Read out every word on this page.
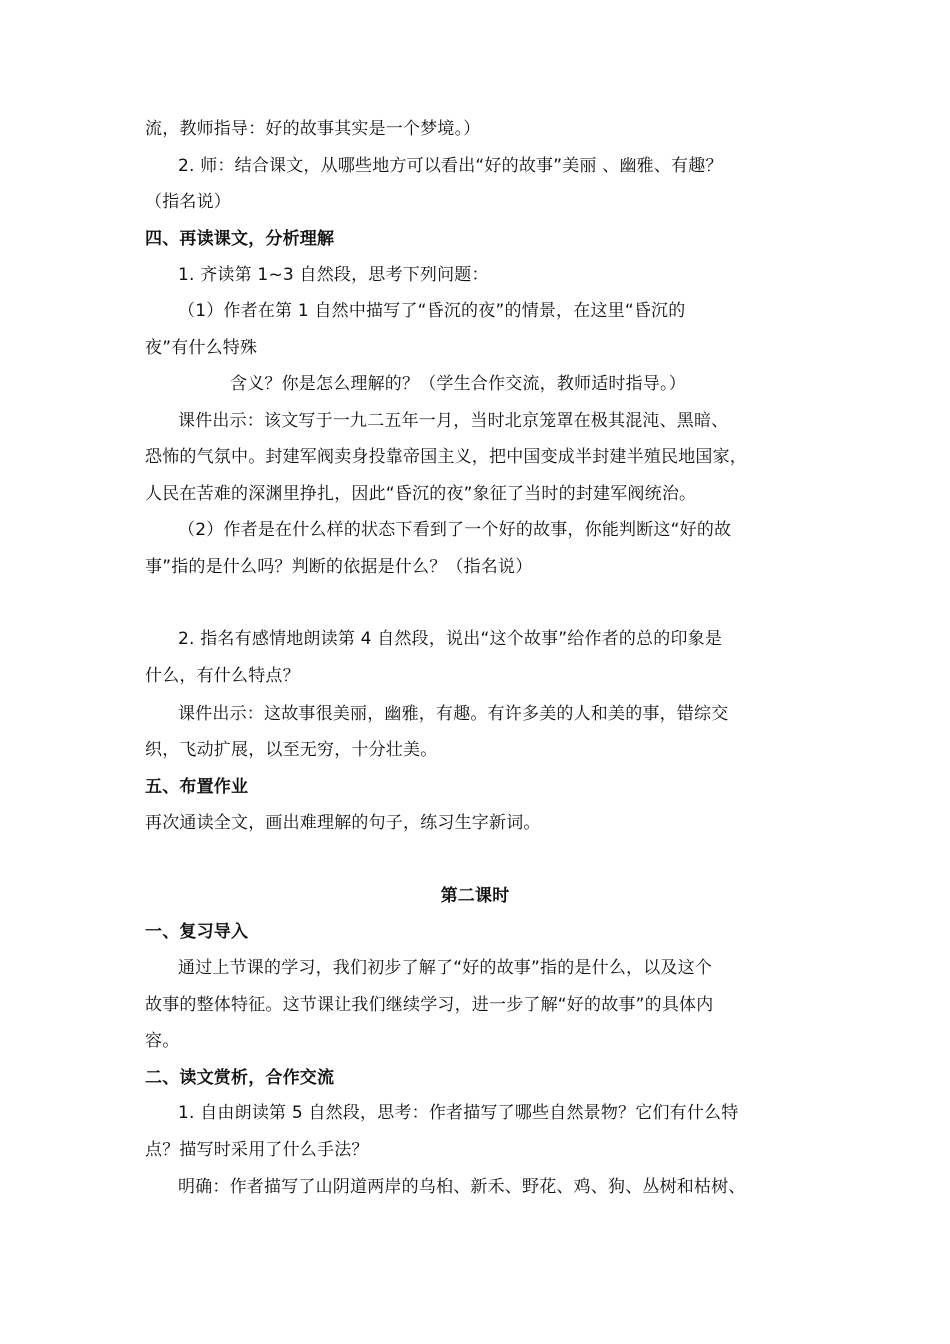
流，教师指导：好的故事其实是一个梦境。）
2. 师：结合课文，从哪些地方可以看出“好的故事”美丽 、幽雅、有趣？
（指名说）
四、再读课文，分析理解
1. 齐读第 1~3 自然段，思考下列问题：
（1）作者在第 1 自然中描写了“昏沉的夜”的情景，在这里“昏沉的
夜”有什么特殊
含义？你是怎么理解的？（学生合作交流，教师适时指导。）
课件出示：该文写于一九二五年一月，当时北京笼罩在极其混沌、黑暗、
恐怖的气氛中。封建军阀卖身投靠帝国主义，把中国变成半封建半殖民地国家，
人民在苦难的深渊里挣扎，因此“昏沉的夜”象征了当时的封建军阀统治。
（2）作者是在什么样的状态下看到了一个好的故事，你能判断这“好的故
事”指的是什么吗？判断的依据是什么？（指名说）
2. 指名有感情地朗读第 4 自然段，说出“这个故事”给作者的总的印象是
什么，有什么特点？
课件出示：这故事很美丽，幽雅，有趣。有许多美的人和美的事，错综交
织，飞动扩展，以至无穷，十分壮美。
五、布置作业
再次通读全文，画出难理解的句子，练习生字新词。
第二课时
一、复习导入
通过上节课的学习，我们初步了解了“好的故事”指的是什么，以及这个
故事的整体特征。这节课让我们继续学习，进一步了解“好的故事”的具体内
容。
二、读文赏析，合作交流
1. 自由朗读第 5 自然段，思考：作者描写了哪些自然景物？它们有什么特
点？描写时采用了什么手法？
明确：作者描写了山阴道两岸的乌桕、新禾、野花、鸡、狗、丛树和枯树、
